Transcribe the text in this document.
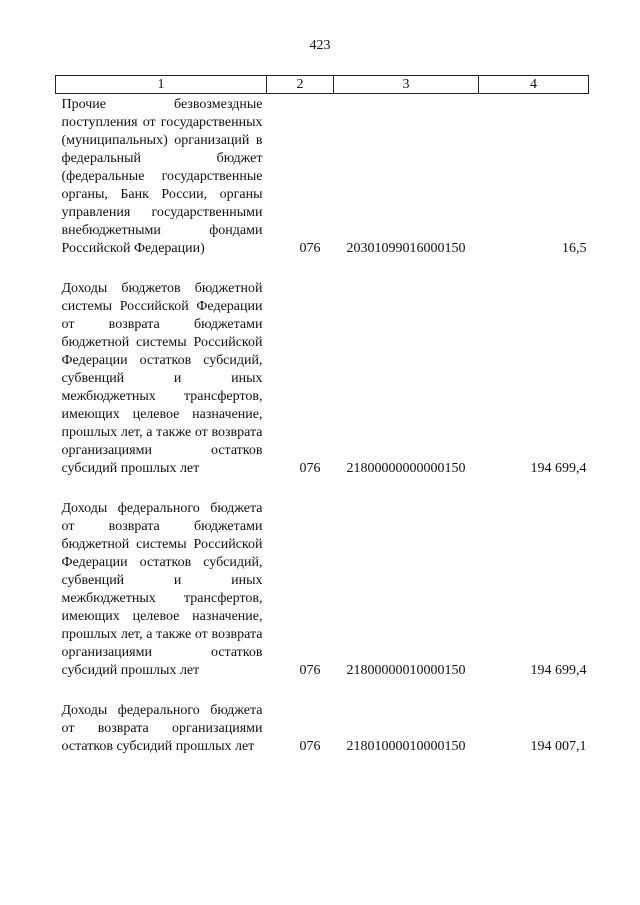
423
1	2	3	4
Прочие безвозмездные поступления от государственных (муниципальных) организаций в федеральный бюджет (федеральные государственные органы, Банк России, органы управления государственными внебюджетными фондами Российской Федерации)	076	20301099016000150	16,5

Доходы бюджетов бюджетной системы Российской Федерации от возврата бюджетами бюджетной системы Российской Федерации остатков субсидий, субвенций и иных межбюджетных трансфертов, имеющих целевое назначение, прошлых лет, а также от возврата организациями остатков субсидий прошлых лет	076	21800000000000150	194 699,4

Доходы федерального бюджета от возврата бюджетами бюджетной системы Российской Федерации остатков субсидий, субвенций и иных межбюджетных трансфертов, имеющих целевое назначение, прошлых лет, а также от возврата организациями остатков субсидий прошлых лет	076	21800000010000150	194 699,4

Доходы федерального бюджета от возврата организациями остатков субсидий прошлых лет	076	21801000010000150	194 007,1
